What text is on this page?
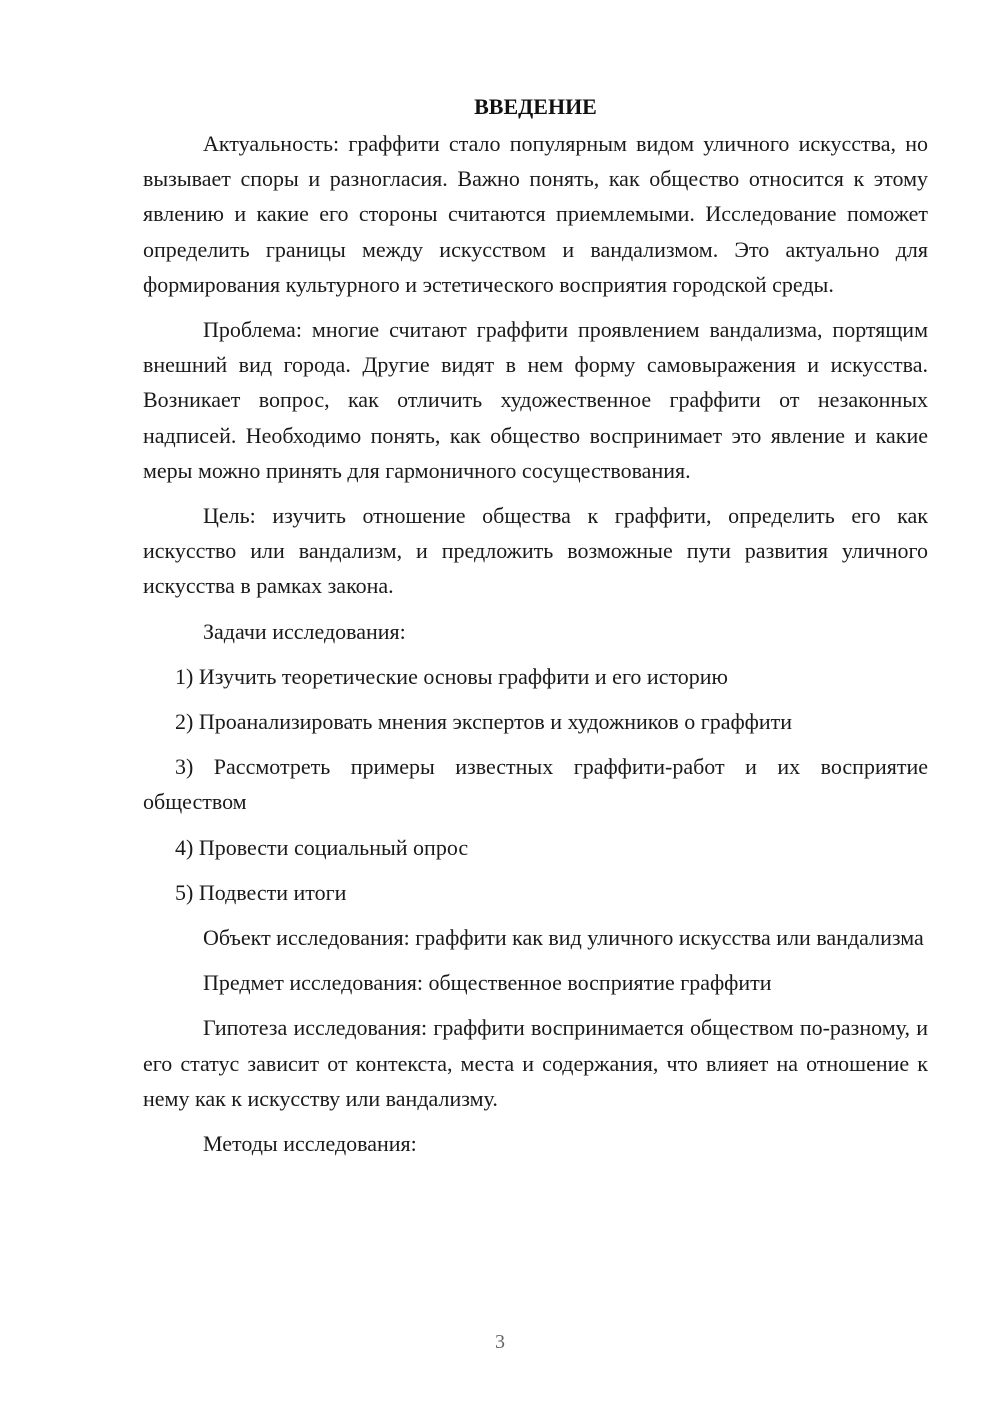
ВВЕДЕНИЕ

Актуальность: граффити стало популярным видом уличного искусства, но вызывает споры и разногласия. Важно понять, как общество относится к этому явлению и какие его стороны считаются приемлемыми. Исследование поможет определить границы между искусством и вандализмом. Это актуально для формирования культурного и эстетического восприятия городской среды.

Проблема: многие считают граффити проявлением вандализма, портящим внешний вид города. Другие видят в нем форму самовыражения и искусства. Возникает вопрос, как отличить художественное граффити от незаконных надписей. Необходимо понять, как общество воспринимает это явление и какие меры можно принять для гармоничного сосуществования.

Цель: изучить отношение общества к граффити, определить его как искусство или вандализм, и предложить возможные пути развития уличного искусства в рамках закона.

Задачи исследования:

1) Изучить теоретические основы граффити и его историю

2) Проанализировать мнения экспертов и художников о граффити

3) Рассмотреть примеры известных граффити-работ и их восприятие обществом

4) Провести социальный опрос

5) Подвести итоги

Объект исследования: граффити как вид уличного искусства или вандализма

Предмет исследования: общественное восприятие граффити

Гипотеза исследования: граффити воспринимается обществом по-разному, и его статус зависит от контекста, места и содержания, что влияет на отношение к нему как к искусству или вандализму.

Методы исследования:

3
